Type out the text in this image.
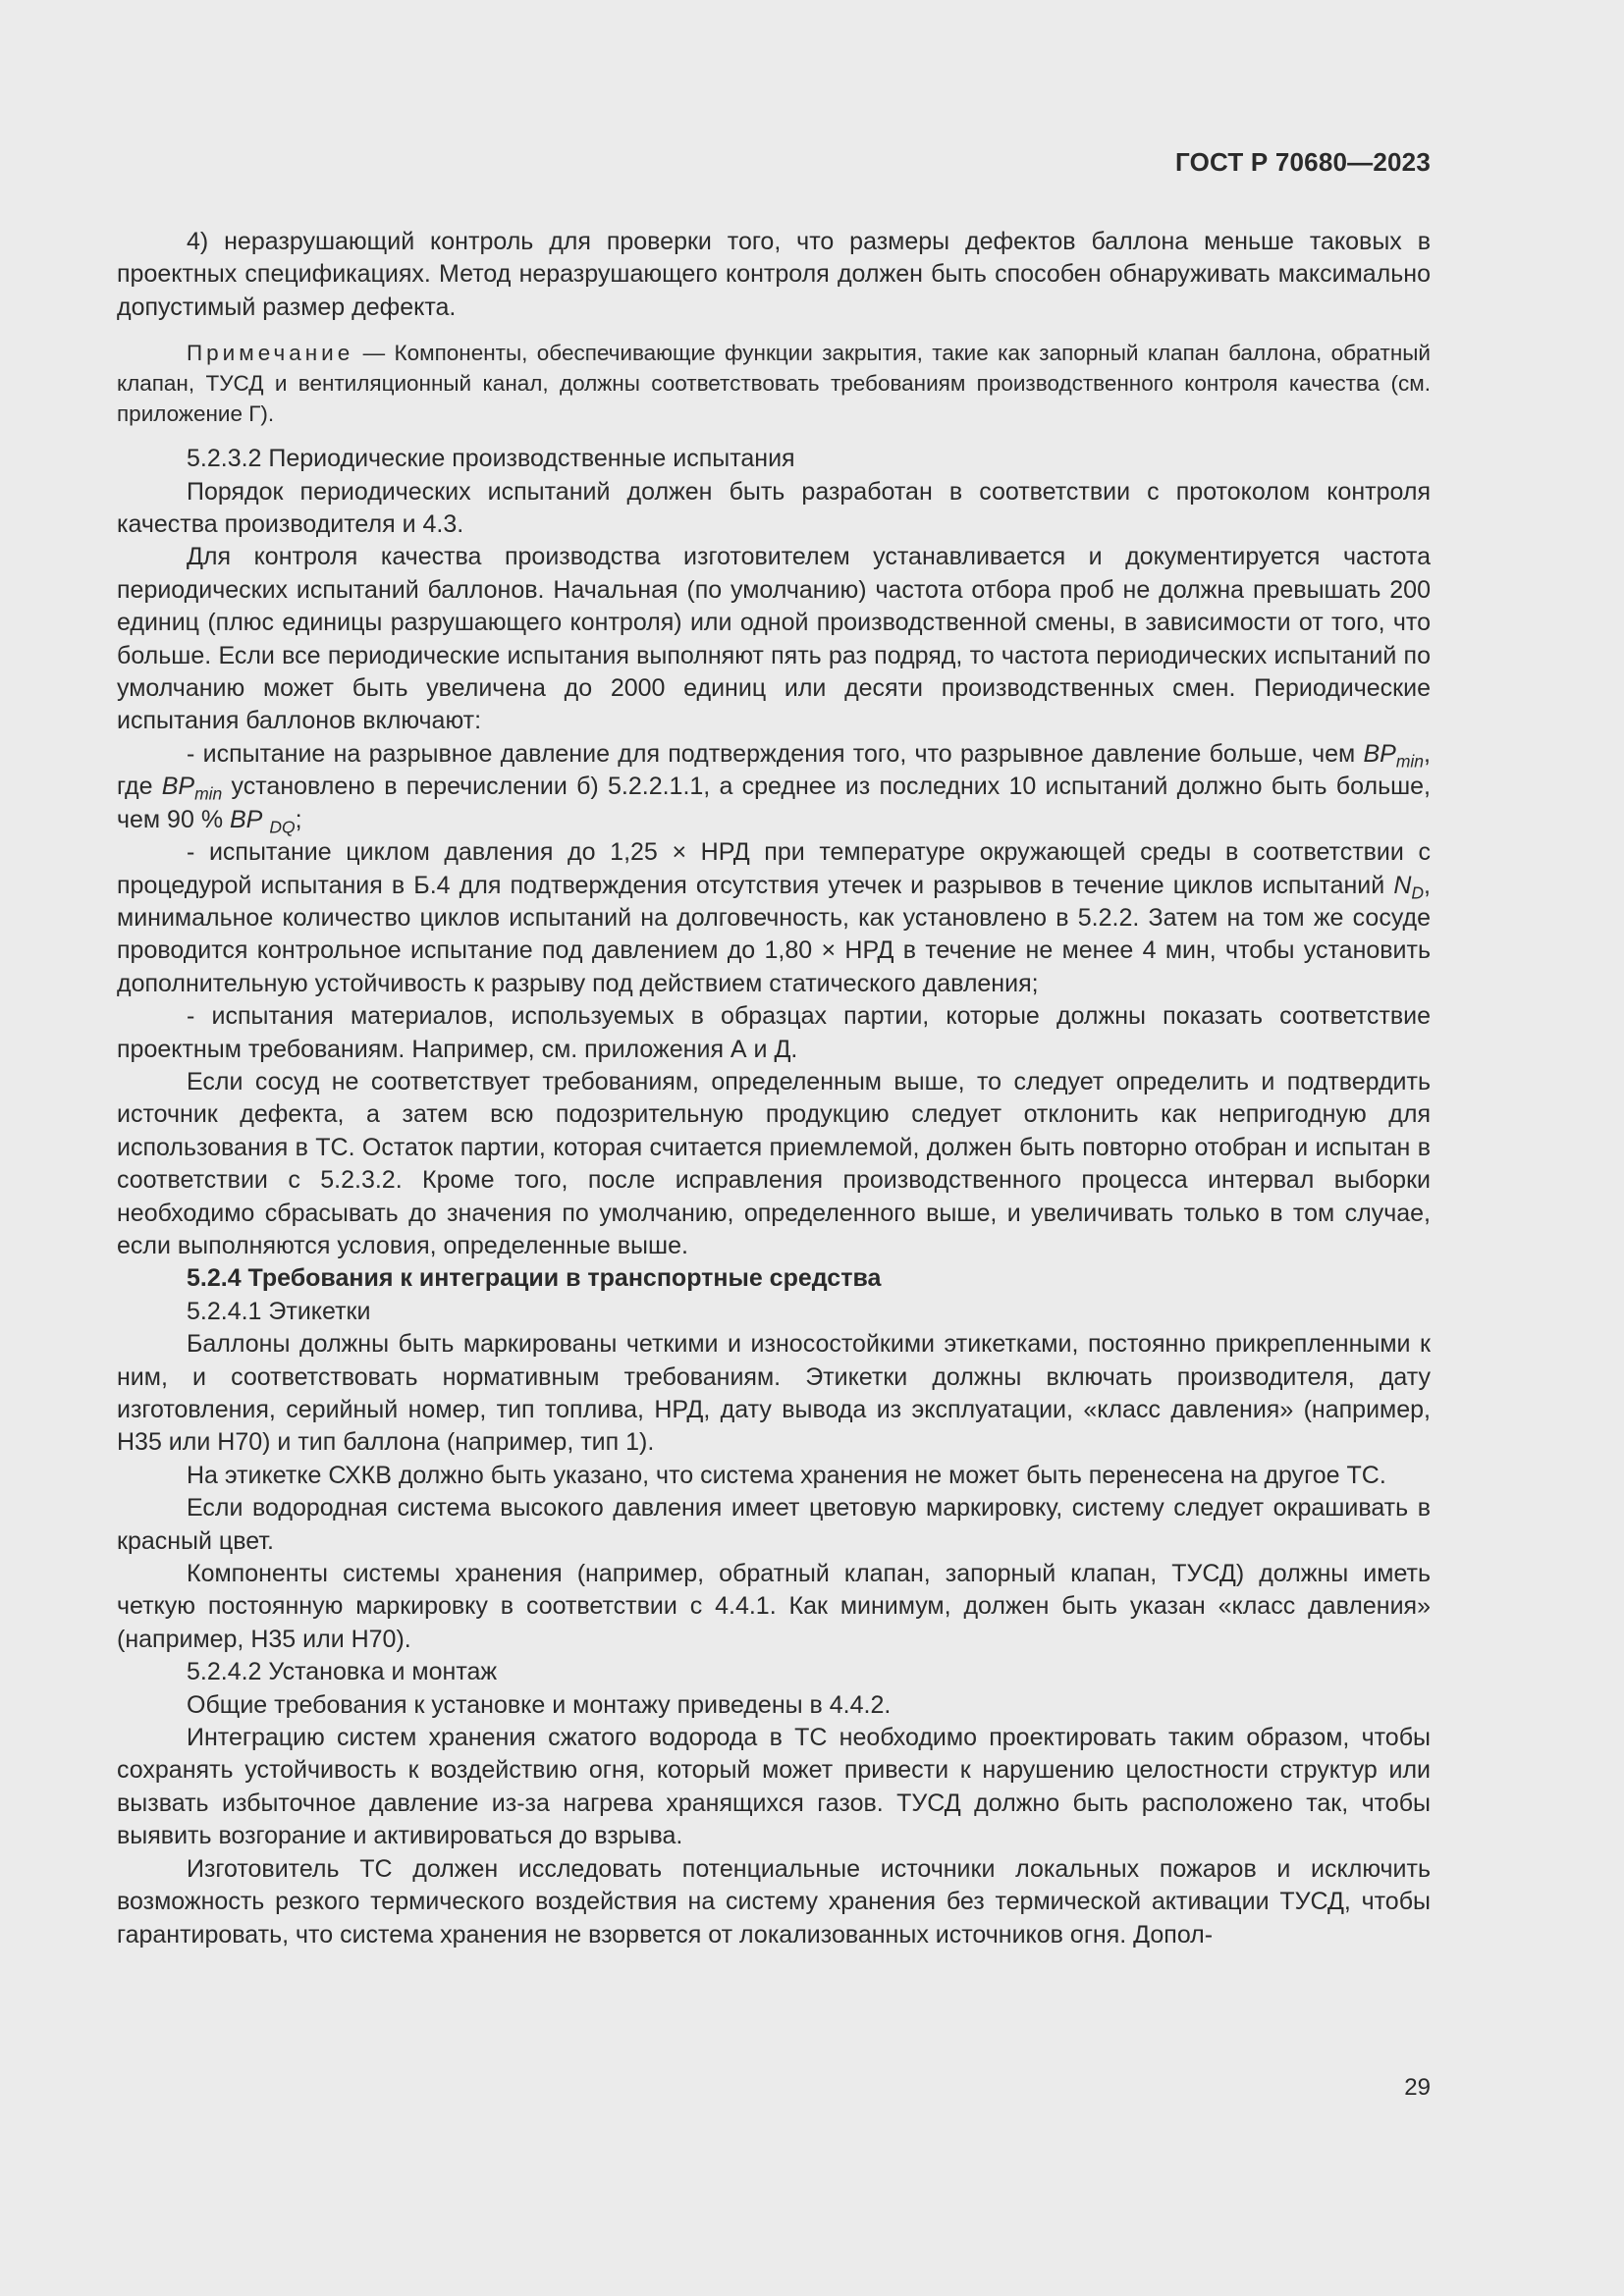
ГОСТ Р 70680—2023

4) неразрушающий контроль для проверки того, что размеры дефектов баллона меньше таковых в проектных спецификациях. Метод неразрушающего контроля должен быть способен обнаруживать максимально допустимый размер дефекта.

Примечание — Компоненты, обеспечивающие функции закрытия, такие как запорный клапан баллона, обратный клапан, ТУСД и вентиляционный канал, должны соответствовать требованиям производственного контроля качества (см. приложение Г).

5.2.3.2 Периодические производственные испытания

Порядок периодических испытаний должен быть разработан в соответствии с протоколом контроля качества производителя и 4.3.

Для контроля качества производства изготовителем устанавливается и документируется частота периодических испытаний баллонов. Начальная (по умолчанию) частота отбора проб не должна превышать 200 единиц (плюс единицы разрушающего контроля) или одной производственной смены, в зависимости от того, что больше. Если все периодические испытания выполняют пять раз подряд, то частота периодических испытаний по умолчанию может быть увеличена до 2000 единиц или десяти производственных смен. Периодические испытания баллонов включают:

- испытание на разрывное давление для подтверждения того, что разрывное давление больше, чем $BP_{min}$, где $BP_{min}$ установлено в перечислении б) 5.2.2.1.1, а среднее из последних 10 испытаний должно быть больше, чем 90 % BP $_{DQ}$;

- испытание циклом давления до 1,25 × НРД при температуре окружающей среды в соответствии с процедурой испытания в Б.4 для подтверждения отсутствия утечек и разрывов в течение циклов испытаний $N_D$, минимальное количество циклов испытаний на долговечность, как установлено в 5.2.2. Затем на том же сосуде проводится контрольное испытание под давлением до 1,80 × НРД в течение не менее 4 мин, чтобы установить дополнительную устойчивость к разрыву под действием статического давления;

- испытания материалов, используемых в образцах партии, которые должны показать соответствие проектным требованиям. Например, см. приложения А и Д.

Если сосуд не соответствует требованиям, определенным выше, то следует определить и подтвердить источник дефекта, а затем всю подозрительную продукцию следует отклонить как непригодную для использования в ТС. Остаток партии, которая считается приемлемой, должен быть повторно отобран и испытан в соответствии с 5.2.3.2. Кроме того, после исправления производственного процесса интервал выборки необходимо сбрасывать до значения по умолчанию, определенного выше, и увеличивать только в том случае, если выполняются условия, определенные выше.

5.2.4 Требования к интеграции в транспортные средства

5.2.4.1 Этикетки

Баллоны должны быть маркированы четкими и износостойкими этикетками, постоянно прикрепленными к ним, и соответствовать нормативным требованиям. Этикетки должны включать производителя, дату изготовления, серийный номер, тип топлива, НРД, дату вывода из эксплуатации, «класс давления» (например, Н35 или Н70) и тип баллона (например, тип 1).

На этикетке СХКВ должно быть указано, что система хранения не может быть перенесена на другое ТС.

Если водородная система высокого давления имеет цветовую маркировку, систему следует окрашивать в красный цвет.

Компоненты системы хранения (например, обратный клапан, запорный клапан, ТУСД) должны иметь четкую постоянную маркировку в соответствии с 4.4.1. Как минимум, должен быть указан «класс давления» (например, Н35 или Н70).

5.2.4.2 Установка и монтаж

Общие требования к установке и монтажу приведены в 4.4.2.

Интеграцию систем хранения сжатого водорода в ТС необходимо проектировать таким образом, чтобы сохранять устойчивость к воздействию огня, который может привести к нарушению целостности структур или вызвать избыточное давление из-за нагрева хранящихся газов. ТУСД должно быть расположено так, чтобы выявить возгорание и активироваться до взрыва.

Изготовитель ТС должен исследовать потенциальные источники локальных пожаров и исключить возможность резкого термического воздействия на систему хранения без термической активации ТУСД, чтобы гарантировать, что система хранения не взорвется от локализованных источников огня. Допол-

29
